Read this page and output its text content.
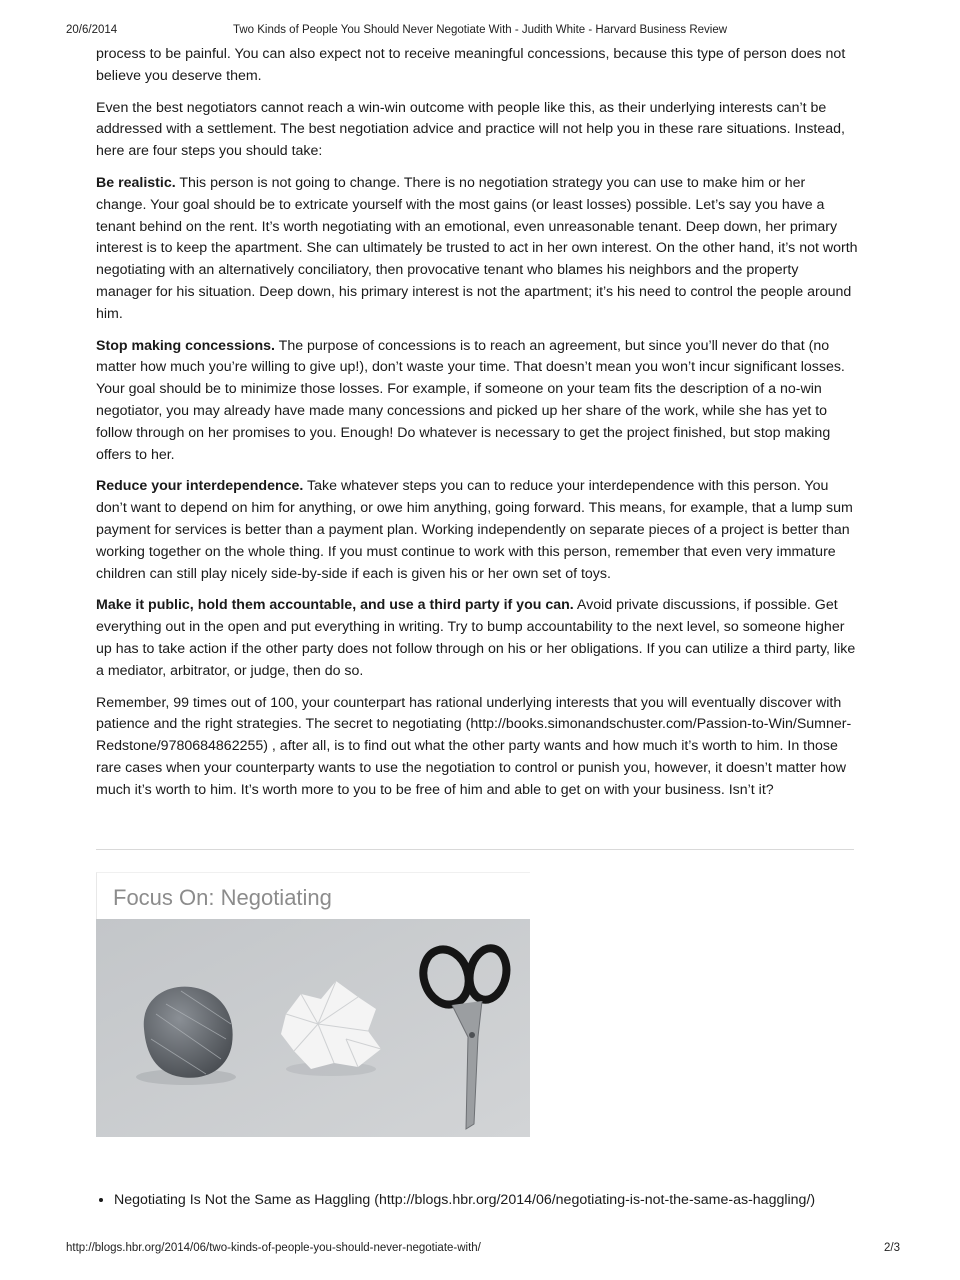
20/6/2014	Two Kinds of People You Should Never Negotiate With - Judith White - Harvard Business Review

process to be painful. You can also expect not to receive meaningful concessions, because this type of person does not believe you deserve them.

Even the best negotiators cannot reach a win-win outcome with people like this, as their underlying interests can’t be addressed with a settlement. The best negotiation advice and practice will not help you in these rare situations. Instead, here are four steps you should take:

Be realistic. This person is not going to change. There is no negotiation strategy you can use to make him or her change. Your goal should be to extricate yourself with the most gains (or least losses) possible. Let’s say you have a tenant behind on the rent. It’s worth negotiating with an emotional, even unreasonable tenant. Deep down, her primary interest is to keep the apartment. She can ultimately be trusted to act in her own interest. On the other hand, it’s not worth negotiating with an alternatively conciliatory, then provocative tenant who blames his neighbors and the property manager for his situation. Deep down, his primary interest is not the apartment; it’s his need to control the people around him.

Stop making concessions. The purpose of concessions is to reach an agreement, but since you’ll never do that (no matter how much you’re willing to give up!), don’t waste your time. That doesn’t mean you won’t incur significant losses. Your goal should be to minimize those losses. For example, if someone on your team fits the description of a no-win negotiator, you may already have made many concessions and picked up her share of the work, while she has yet to follow through on her promises to you. Enough! Do whatever is necessary to get the project finished, but stop making offers to her.

Reduce your interdependence. Take whatever steps you can to reduce your interdependence with this person. You don’t want to depend on him for anything, or owe him anything, going forward. This means, for example, that a lump sum payment for services is better than a payment plan. Working independently on separate pieces of a project is better than working together on the whole thing. If you must continue to work with this person, remember that even very immature children can still play nicely side-by-side if each is given his or her own set of toys.

Make it public, hold them accountable, and use a third party if you can. Avoid private discussions, if possible. Get everything out in the open and put everything in writing. Try to bump accountability to the next level, so someone higher up has to take action if the other party does not follow through on his or her obligations. If you can utilize a third party, like a mediator, arbitrator, or judge, then do so.

Remember, 99 times out of 100, your counterpart has rational underlying interests that you will eventually discover with patience and the right strategies. The secret to negotiating (http://books.simonandschuster.com/Passion-to-Win/Sumner-Redstone/9780684862255) , after all, is to find out what the other party wants and how much it’s worth to him. In those rare cases when your counterparty wants to use the negotiation to control or punish you, however, it doesn’t matter how much it’s worth to him. It’s worth more to you to be free of him and able to get on with your business. Isn’t it?

Focus On: Negotiating
• Negotiating Is Not the Same as Haggling (http://blogs.hbr.org/2014/06/negotiating-is-not-the-same-as-haggling/)
http://blogs.hbr.org/2014/06/two-kinds-of-people-you-should-never-negotiate-with/	2/3
